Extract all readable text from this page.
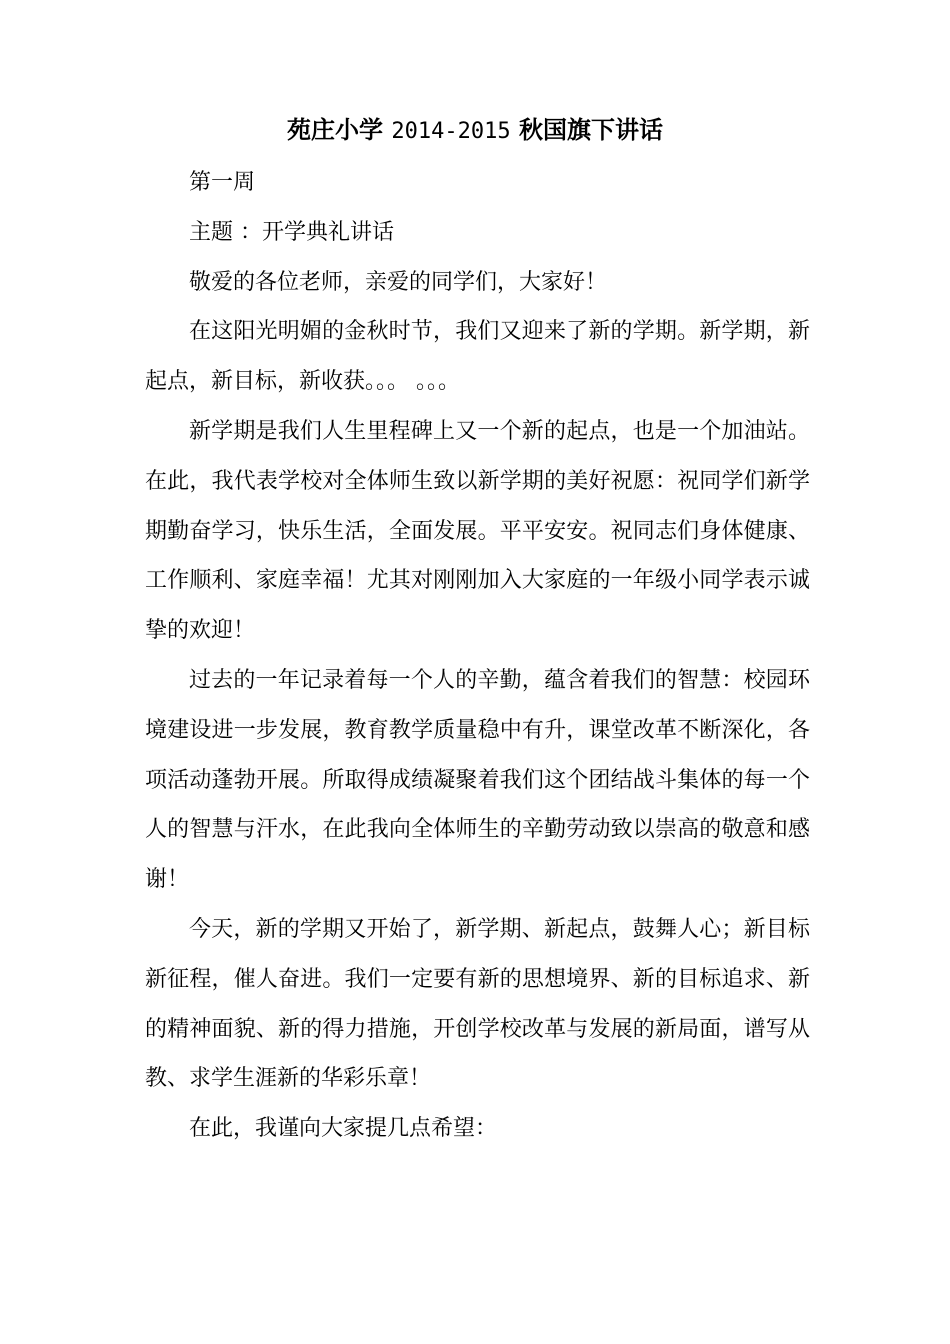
苑庄小学 2014-2015 秋国旗下讲话

第一周

主题 ：开学典礼讲话

敬爱的各位老师，亲爱的同学们，大家好！

在这阳光明媚的金秋时节，我们又迎来了新的学期。新学期，新起点，新目标，新收获。。。 。。。

新学期是我们人生里程碑上又一个新的起点，也是一个加油站。在此，我代表学校对全体师生致以新学期的美好祝愿：祝同学们新学期勤奋学习，快乐生活，全面发展。平平安安。祝同志们身体健康、工作顺利、家庭幸福！尤其对刚刚加入大家庭的一年级小同学表示诚挚的欢迎！

过去的一年记录着每一个人的辛勤，蕴含着我们的智慧：校园环境建设进一步发展，教育教学质量稳中有升，课堂改革不断深化，各项活动蓬勃开展。所取得成绩凝聚着我们这个团结战斗集体的每一个人的智慧与汗水，在此我向全体师生的辛勤劳动致以崇高的敬意和感谢！

今天，新的学期又开始了，新学期、新起点，鼓舞人心；新目标新征程，催人奋进。我们一定要有新的思想境界、新的目标追求、新的精神面貌、新的得力措施，开创学校改革与发展的新局面，谱写从教、求学生涯新的华彩乐章！

在此，我谨向大家提几点希望：
